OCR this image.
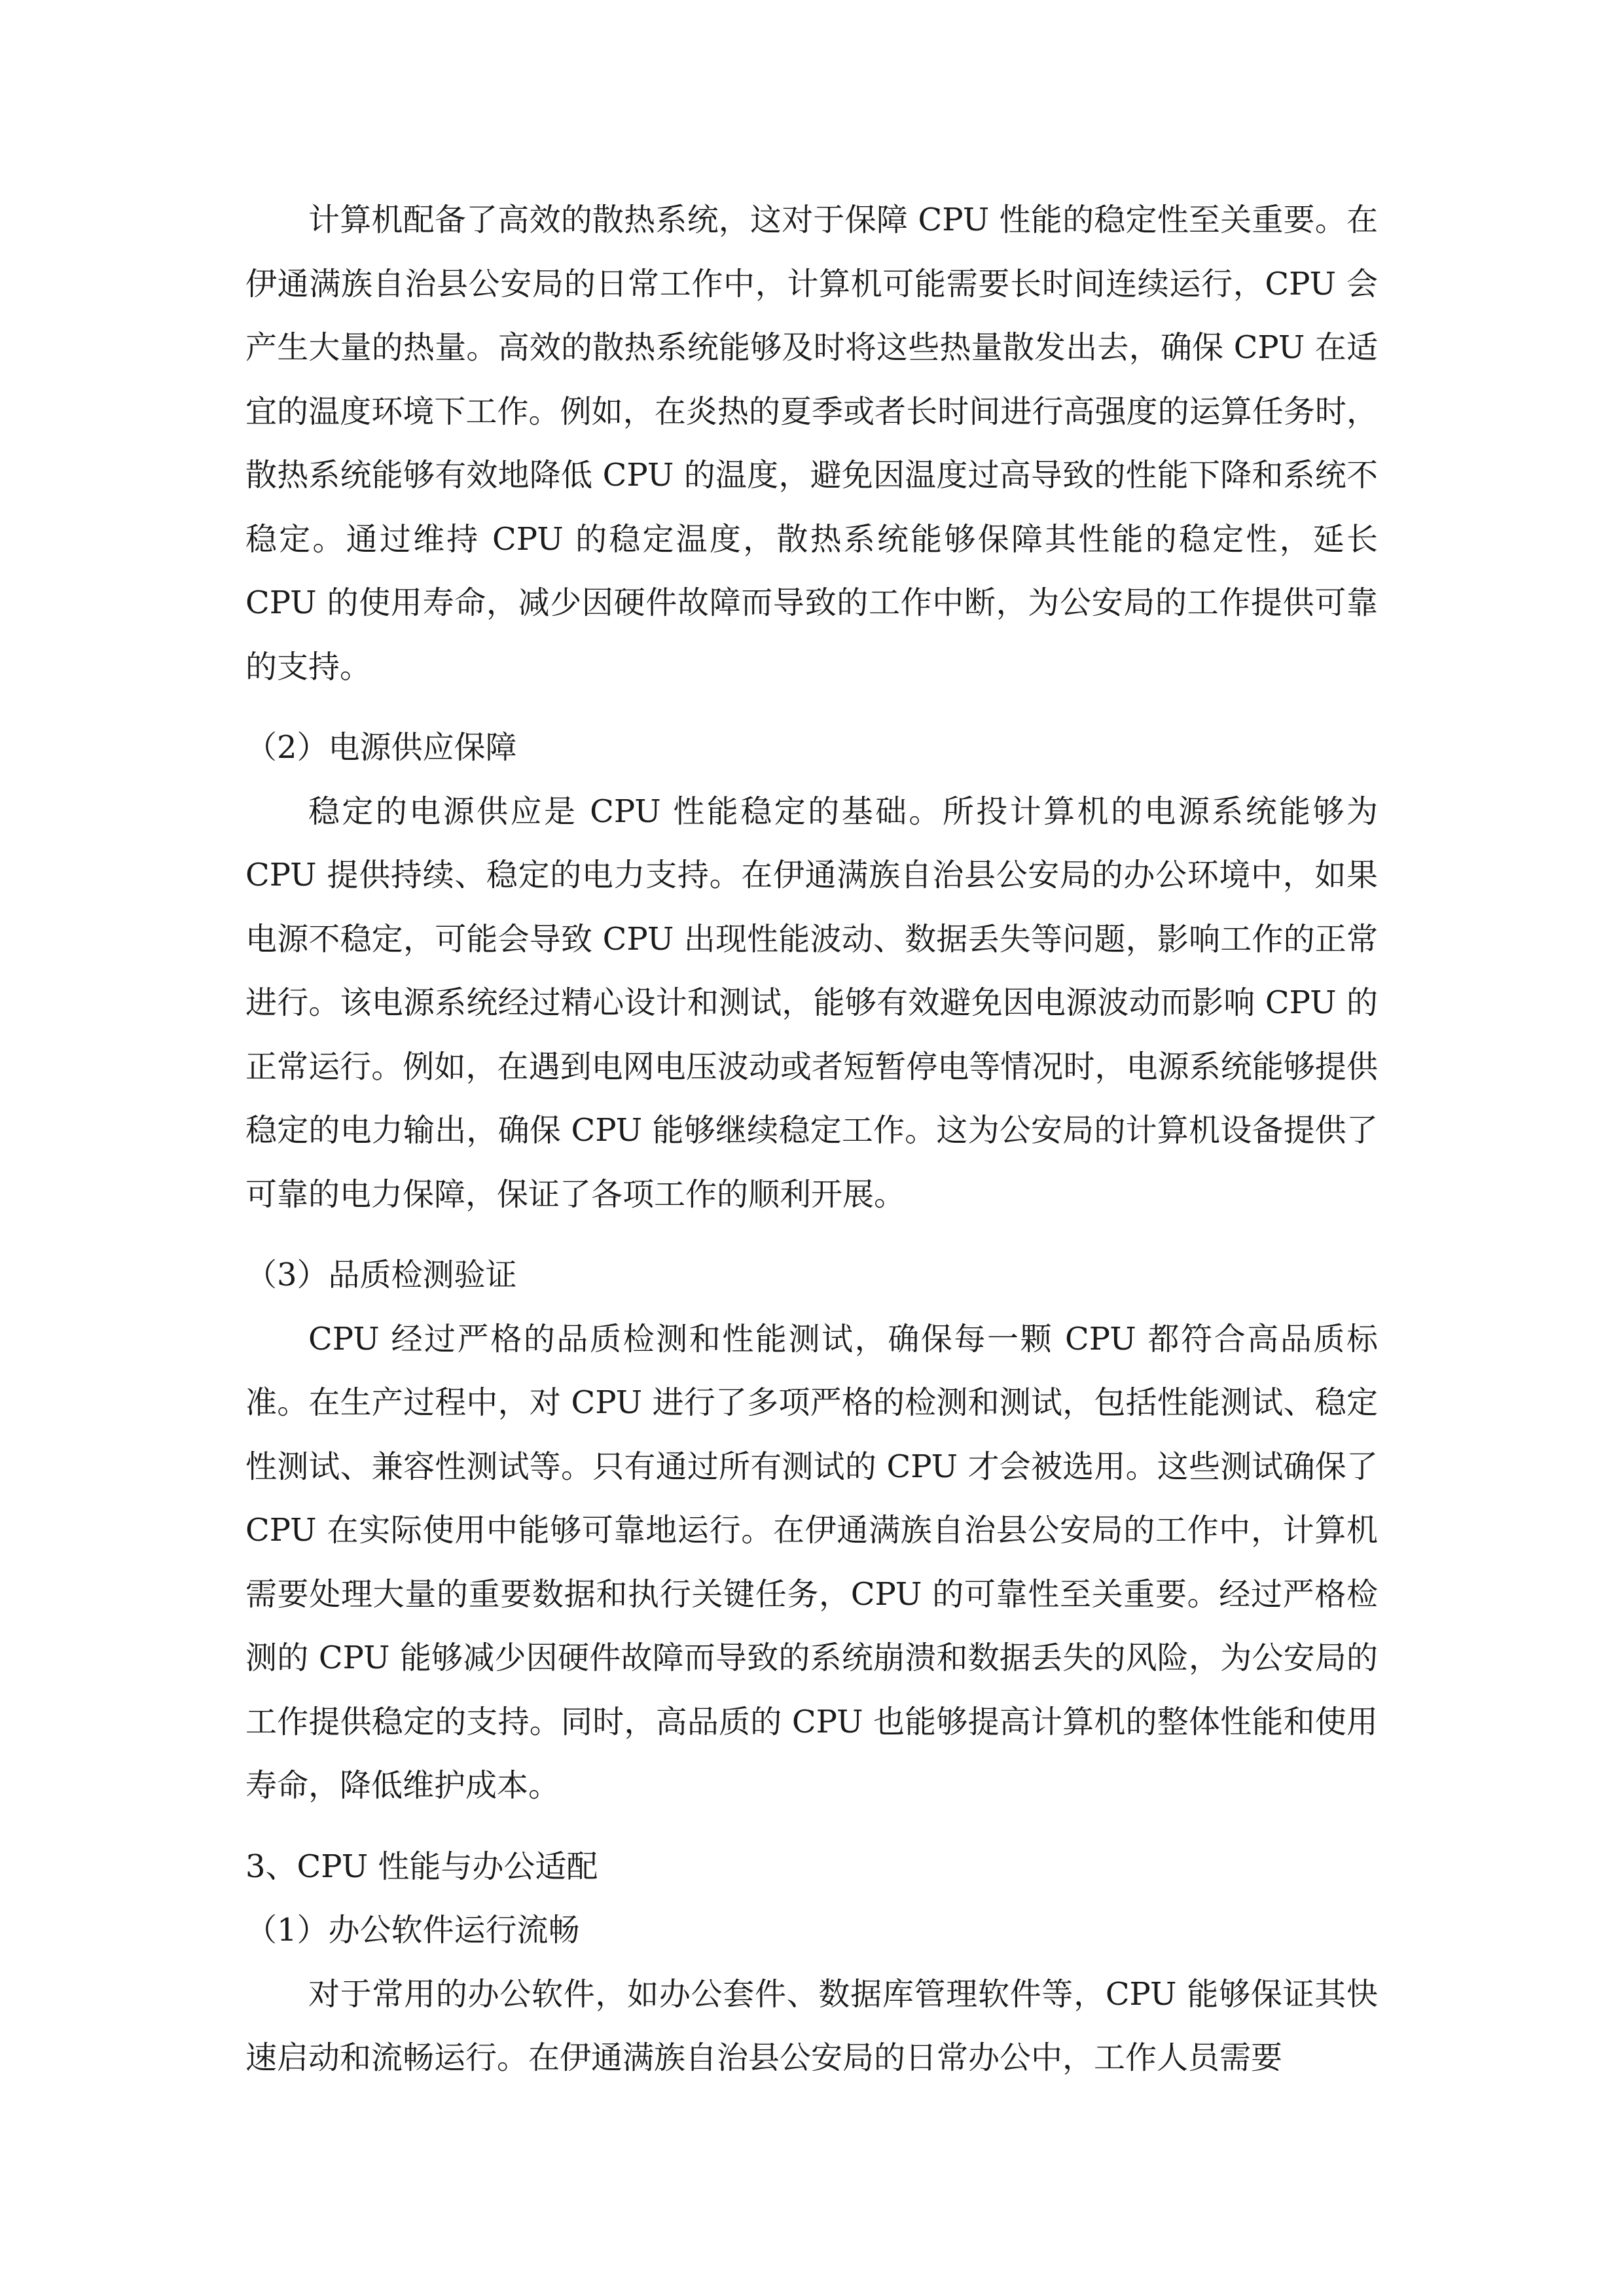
计算机配备了高效的散热系统，这对于保障 CPU 性能的稳定性至关重要。在伊通满族自治县公安局的日常工作中，计算机可能需要长时间连续运行，CPU 会产生大量的热量。高效的散热系统能够及时将这些热量散发出去，确保 CPU 在适宜的温度环境下工作。例如，在炎热的夏季或者长时间进行高强度的运算任务时，散热系统能够有效地降低 CPU 的温度，避免因温度过高导致的性能下降和系统不稳定。通过维持 CPU 的稳定温度，散热系统能够保障其性能的稳定性，延长 CPU 的使用寿命，减少因硬件故障而导致的工作中断，为公安局的工作提供可靠的支持。

（2）电源供应保障

稳定的电源供应是 CPU 性能稳定的基础。所投计算机的电源系统能够为 CPU 提供持续、稳定的电力支持。在伊通满族自治县公安局的办公环境中，如果电源不稳定，可能会导致 CPU 出现性能波动、数据丢失等问题，影响工作的正常进行。该电源系统经过精心设计和测试，能够有效避免因电源波动而影响 CPU 的正常运行。例如，在遇到电网电压波动或者短暂停电等情况时，电源系统能够提供稳定的电力输出，确保 CPU 能够继续稳定工作。这为公安局的计算机设备提供了可靠的电力保障，保证了各项工作的顺利开展。

（3）品质检测验证

CPU 经过严格的品质检测和性能测试，确保每一颗 CPU 都符合高品质标准。在生产过程中，对 CPU 进行了多项严格的检测和测试，包括性能测试、稳定性测试、兼容性测试等。只有通过所有测试的 CPU 才会被选用。这些测试确保了 CPU 在实际使用中能够可靠地运行。在伊通满族自治县公安局的工作中，计算机需要处理大量的重要数据和执行关键任务，CPU 的可靠性至关重要。经过严格检测的 CPU 能够减少因硬件故障而导致的系统崩溃和数据丢失的风险，为公安局的工作提供稳定的支持。同时，高品质的 CPU 也能够提高计算机的整体性能和使用寿命，降低维护成本。

3、CPU 性能与办公适配

（1）办公软件运行流畅

对于常用的办公软件，如办公套件、数据库管理软件等，CPU 能够保证其快速启动和流畅运行。在伊通满族自治县公安局的日常办公中，工作人员需要
